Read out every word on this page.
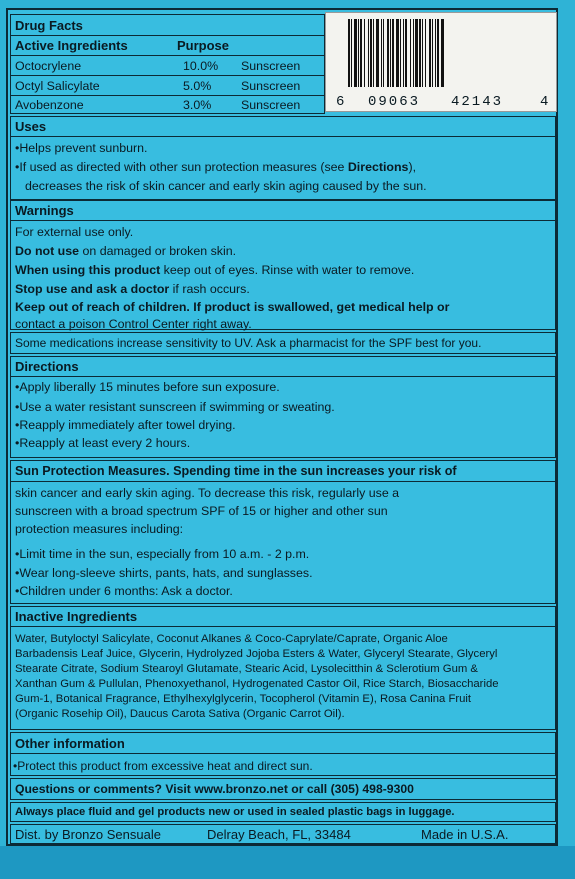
Drug Facts
Active Ingredients	Purpose
Octocrylene	10.0% Sunscreen
Octyl Salicylate	5.0% Sunscreen
Avobenzone	3.0% Sunscreen
Uses
•Helps prevent sunburn.
•If used as directed with other sun protection measures (see Directions),
decreases the risk of skin cancer and early skin aging caused by the sun.
Warnings
For external use only.
Do not use on damaged or broken skin.
When using this product keep out of eyes. Rinse with water to remove.
Stop use and ask a doctor if rash occurs.
Keep out of reach of children. If product is swallowed, get medical help or
contact a poison Control Center right away.
Some medications increase sensitivity to UV. Ask a pharmacist for the SPF best for you.
Directions
•Apply liberally 15 minutes before sun exposure.
•Use a water resistant sunscreen if swimming or sweating.
•Reapply immediately after towel drying.
•Reapply at least every 2 hours.
Sun Protection Measures. Spending time in the sun increases your risk of
skin cancer and early skin aging. To decrease this risk, regularly use a
sunscreen with a broad spectrum SPF of 15 or higher and other sun
protection measures including:
•Limit time in the sun, especially from 10 a.m. - 2 p.m.
•Wear long-sleeve shirts, pants, hats, and sunglasses.
•Children under 6 months: Ask a doctor.
Inactive Ingredients
Water, Butyloctyl Salicylate, Coconut Alkanes & Coco-Caprylate/Caprate, Organic Aloe
Barbadensis Leaf Juice, Glycerin, Hydrolyzed Jojoba Esters & Water, Glyceryl Stearate, Glyceryl
Stearate Citrate, Sodium Stearoyl Glutamate, Stearic Acid, Lysolecitthin & Sclerotium Gum &
Xanthan Gum & Pullulan, Phenoxyethanol, Hydrogenated Castor Oil, Rice Starch, Biosaccharide
Gum-1, Botanical Fragrance, Ethylhexylglycerin, Tocopherol (Vitamin E), Rosa Canina Fruit
(Organic Rosehip Oil), Daucus Carota Sativa (Organic Carrot Oil).
Other information
•Protect this product from excessive heat and direct sun.
Questions or comments? Visit www.bronzo.net or call (305) 498-9300
Always place fluid and gel products new or used in sealed plastic bags in luggage.
Dist. by Bronzo Sensuale	Delray Beach, FL, 33484	Made in U.S.A.
6 09063 42143	4
